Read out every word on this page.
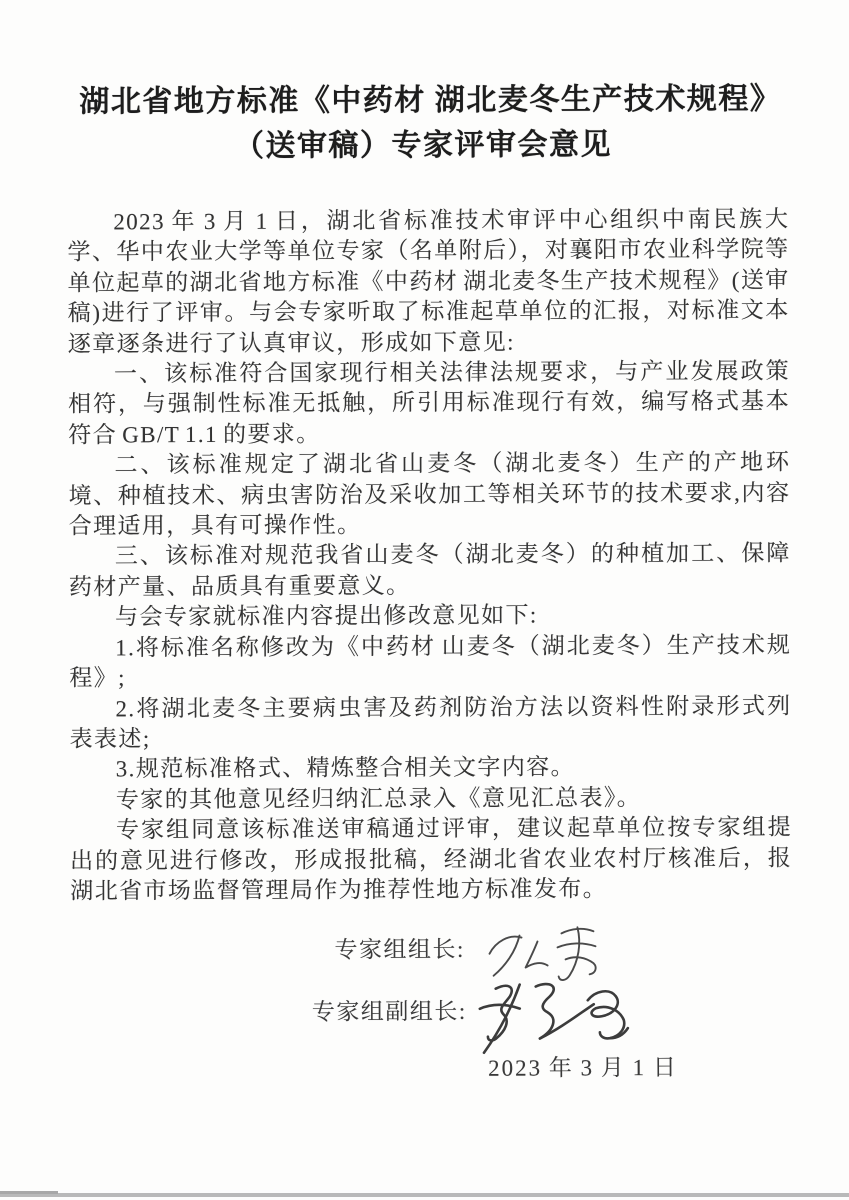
湖北省地方标准《中药材 湖北麦冬生产技术规程》（送审稿）专家评审会意见

2023 年 3 月 1 日，湖北省标准技术审评中心组织中南民族大学、华中农业大学等单位专家（名单附后），对襄阳市农业科学院等单位起草的湖北省地方标准《中药材 湖北麦冬生产技术规程》(送审稿)进行了评审。与会专家听取了标准起草单位的汇报，对标准文本逐章逐条进行了认真审议，形成如下意见:

一、该标准符合国家现行相关法律法规要求，与产业发展政策相符，与强制性标准无抵触，所引用标准现行有效，编写格式基本符合 GB/T 1.1 的要求。

二、该标准规定了湖北省山麦冬（湖北麦冬）生产的产地环境、种植技术、病虫害防治及采收加工等相关环节的技术要求,内容合理适用，具有可操作性。

三、该标准对规范我省山麦冬（湖北麦冬）的种植加工、保障药材产量、品质具有重要意义。

与会专家就标准内容提出修改意见如下:

1.将标准名称修改为《中药材 山麦冬（湖北麦冬）生产技术规程》;

2.将湖北麦冬主要病虫害及药剂防治方法以资料性附录形式列表表述;

3.规范标准格式、精炼整合相关文字内容。

专家的其他意见经归纳汇总录入《意见汇总表》。

专家组同意该标准送审稿通过评审，建议起草单位按专家组提出的意见进行修改，形成报批稿，经湖北省农业农村厅核准后，报湖北省市场监督管理局作为推荐性地方标准发布。

专家组组长:
专家组副组长:
2023 年 3 月 1 日
